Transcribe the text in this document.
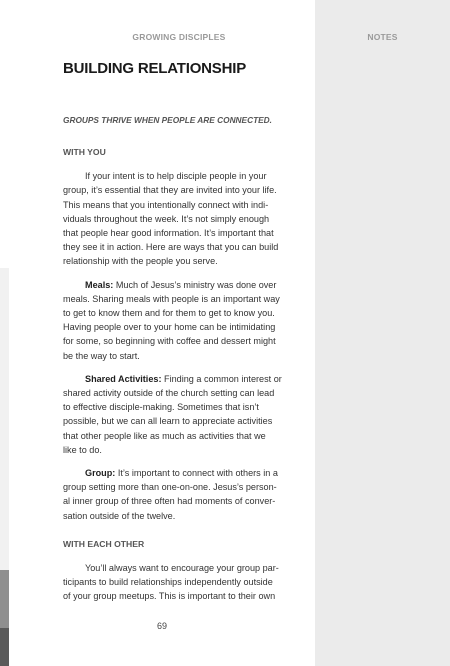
NOTES
GROWING DISCIPLES
BUILDING RELATIONSHIP
GROUPS THRIVE WHEN PEOPLE ARE CONNECTED.
WITH YOU
If your intent is to help disciple people in your
group, it’s essential that they are invited into your life.
This means that you intentionally connect with indi-
viduals throughout the week. It’s not simply enough
that people hear good information. It’s important that
they see it in action. Here are ways that you can build
relationship with the people you serve.
Meals: Much of Jesus’s ministry was done over
meals. Sharing meals with people is an important way
to get to know them and for them to get to know you.
Having people over to your home can be intimidating
for some, so beginning with coffee and dessert might
be the way to start.
Shared Activities: Finding a common interest or
shared activity outside of the church setting can lead
to effective disciple-making. Sometimes that isn’t
possible, but we can all learn to appreciate activities
that other people like as much as activities that we
like to do.
Group: It’s important to connect with others in a
group setting more than one-on-one. Jesus’s person-
al inner group of three often had moments of conver-
sation outside of the twelve.
WITH EACH OTHER
You’ll always want to encourage your group par-
ticipants to build relationships independently outside
of your group meetups. This is important to their own
69
